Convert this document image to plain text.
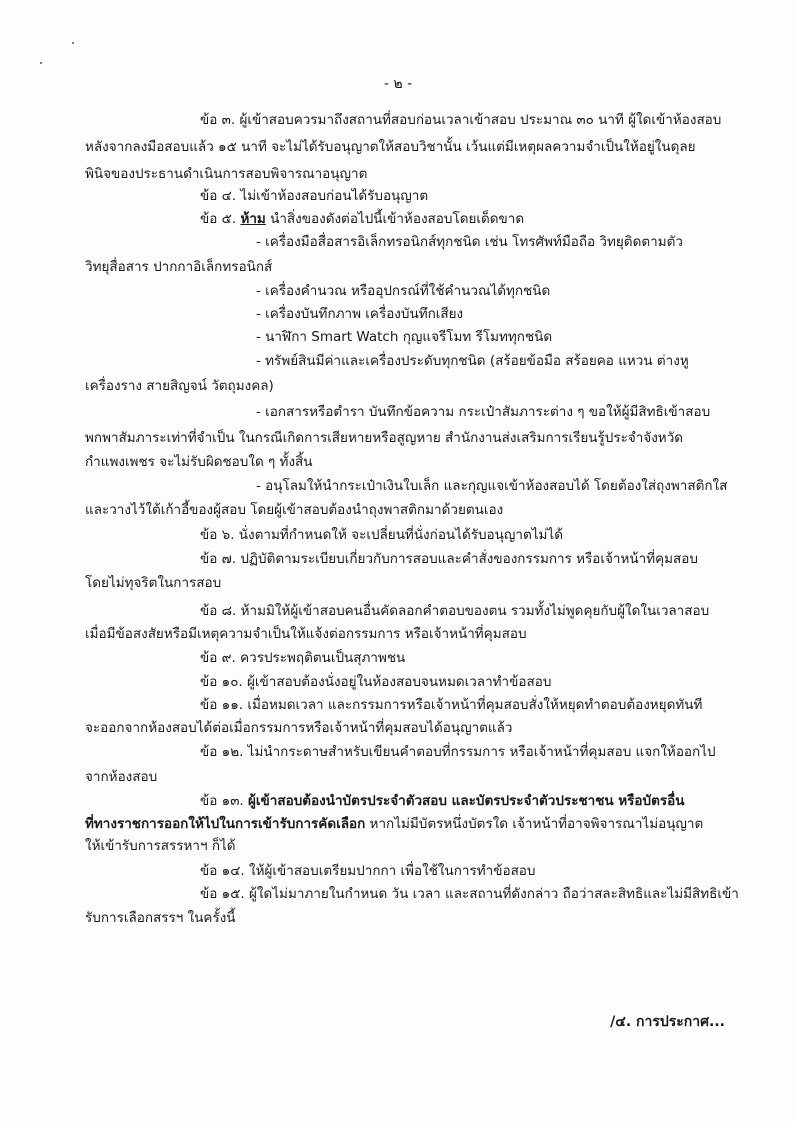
- ๒ -
ข้อ ๓. ผู้เข้าสอบควรมาถึงสถานที่สอบก่อนเวลาเข้าสอบ ประมาณ ๓๐ นาที ผู้ใดเข้าห้องสอบ
หลังจากลงมือสอบแล้ว ๑๕ นาที จะไม่ได้รับอนุญาตให้สอบวิชานั้น เว้นแต่มีเหตุผลความจำเป็นให้อยู่ในดุลย
พินิจของประธานดำเนินการสอบพิจารณาอนุญาต
ข้อ ๔. ไม่เข้าห้องสอบก่อนได้รับอนุญาต
ข้อ ๕. ห้าม นำสิ่งของดังต่อไปนี้เข้าห้องสอบโดยเด็ดขาด
- เครื่องมือสื่อสารอิเล็กทรอนิกส์ทุกชนิด เช่น โทรศัพท์มือถือ วิทยุติดตามตัว
วิทยุสื่อสาร ปากกาอิเล็กทรอนิกส์
- เครื่องคำนวณ หรืออุปกรณ์ที่ใช้คำนวณได้ทุกชนิด
- เครื่องบันทึกภาพ เครื่องบันทึกเสียง
- นาฬิกา Smart Watch กุญแจรีโมท รีโมททุกชนิด
- ทรัพย์สินมีค่าและเครื่องประดับทุกชนิด (สร้อยข้อมือ สร้อยคอ แหวน ต่างหู
เครื่องราง สายสิญจน์ วัตถุมงคล)
- เอกสารหรือตำรา บันทึกข้อความ กระเป๋าสัมภาระต่าง ๆ ขอให้ผู้มีสิทธิเข้าสอบ
พกพาสัมภาระเท่าที่จำเป็น ในกรณีเกิดการเสียหายหรือสูญหาย สำนักงานส่งเสริมการเรียนรู้ประจำจังหวัด
กำแพงเพชร จะไม่รับผิดชอบใด ๆ ทั้งสิ้น
- อนุโลมให้นำกระเป๋าเงินใบเล็ก และกุญแจเข้าห้องสอบได้ โดยต้องใส่ถุงพาสติกใส
และวางไว้ใต้เก้าอี้ของผู้สอบ โดยผู้เข้าสอบต้องนำถุงพาสติกมาด้วยตนเอง
ข้อ ๖. นั่งตามที่กำหนดให้ จะเปลี่ยนที่นั่งก่อนได้รับอนุญาตไม่ได้
ข้อ ๗. ปฏิบัติตามระเบียบเกี่ยวกับการสอบและคำสั่งของกรรมการ หรือเจ้าหน้าที่คุมสอบ
โดยไม่ทุจริตในการสอบ
ข้อ ๘. ห้ามมิให้ผู้เข้าสอบคนอื่นคัดลอกคำตอบของตน รวมทั้งไม่พูดคุยกับผู้ใดในเวลาสอบ
เมื่อมีข้อสงสัยหรือมีเหตุความจำเป็นให้แจ้งต่อกรรมการ หรือเจ้าหน้าที่คุมสอบ
ข้อ ๙. ควรประพฤติตนเป็นสุภาพชน
ข้อ ๑๐. ผู้เข้าสอบต้องนั่งอยู่ในห้องสอบจนหมดเวลาทำข้อสอบ
ข้อ ๑๑. เมื่อหมดเวลา และกรรมการหรือเจ้าหน้าที่คุมสอบสั่งให้หยุดทำตอบต้องหยุดทันที
จะออกจากห้องสอบได้ต่อเมื่อกรรมการหรือเจ้าหน้าที่คุมสอบได้อนุญาตแล้ว
ข้อ ๑๒. ไม่นำกระดาษสำหรับเขียนคำตอบที่กรรมการ หรือเจ้าหน้าที่คุมสอบ แจกให้ออกไป
จากห้องสอบ
ข้อ ๑๓. ผู้เข้าสอบต้องนำบัตรประจำตัวสอบ และบัตรประจำตัวประชาชน หรือบัตรอื่น
ที่ทางราชการออกให้ไปในการเข้ารับการคัดเลือก หากไม่มีบัตรหนึ่งบัตรใด เจ้าหน้าที่อาจพิจารณาไม่อนุญาต
ให้เข้ารับการสรรหาฯ ก็ได้
ข้อ ๑๔. ให้ผู้เข้าสอบเตรียมปากกา เพื่อใช้ในการทำข้อสอบ
ข้อ ๑๕. ผู้ใดไม่มาภายในกำหนด วัน เวลา และสถานที่ดังกล่าว ถือว่าสละสิทธิและไม่มีสิทธิเข้า
รับการเลือกสรรฯ ในครั้งนี้
/๔. การประกาศ...
